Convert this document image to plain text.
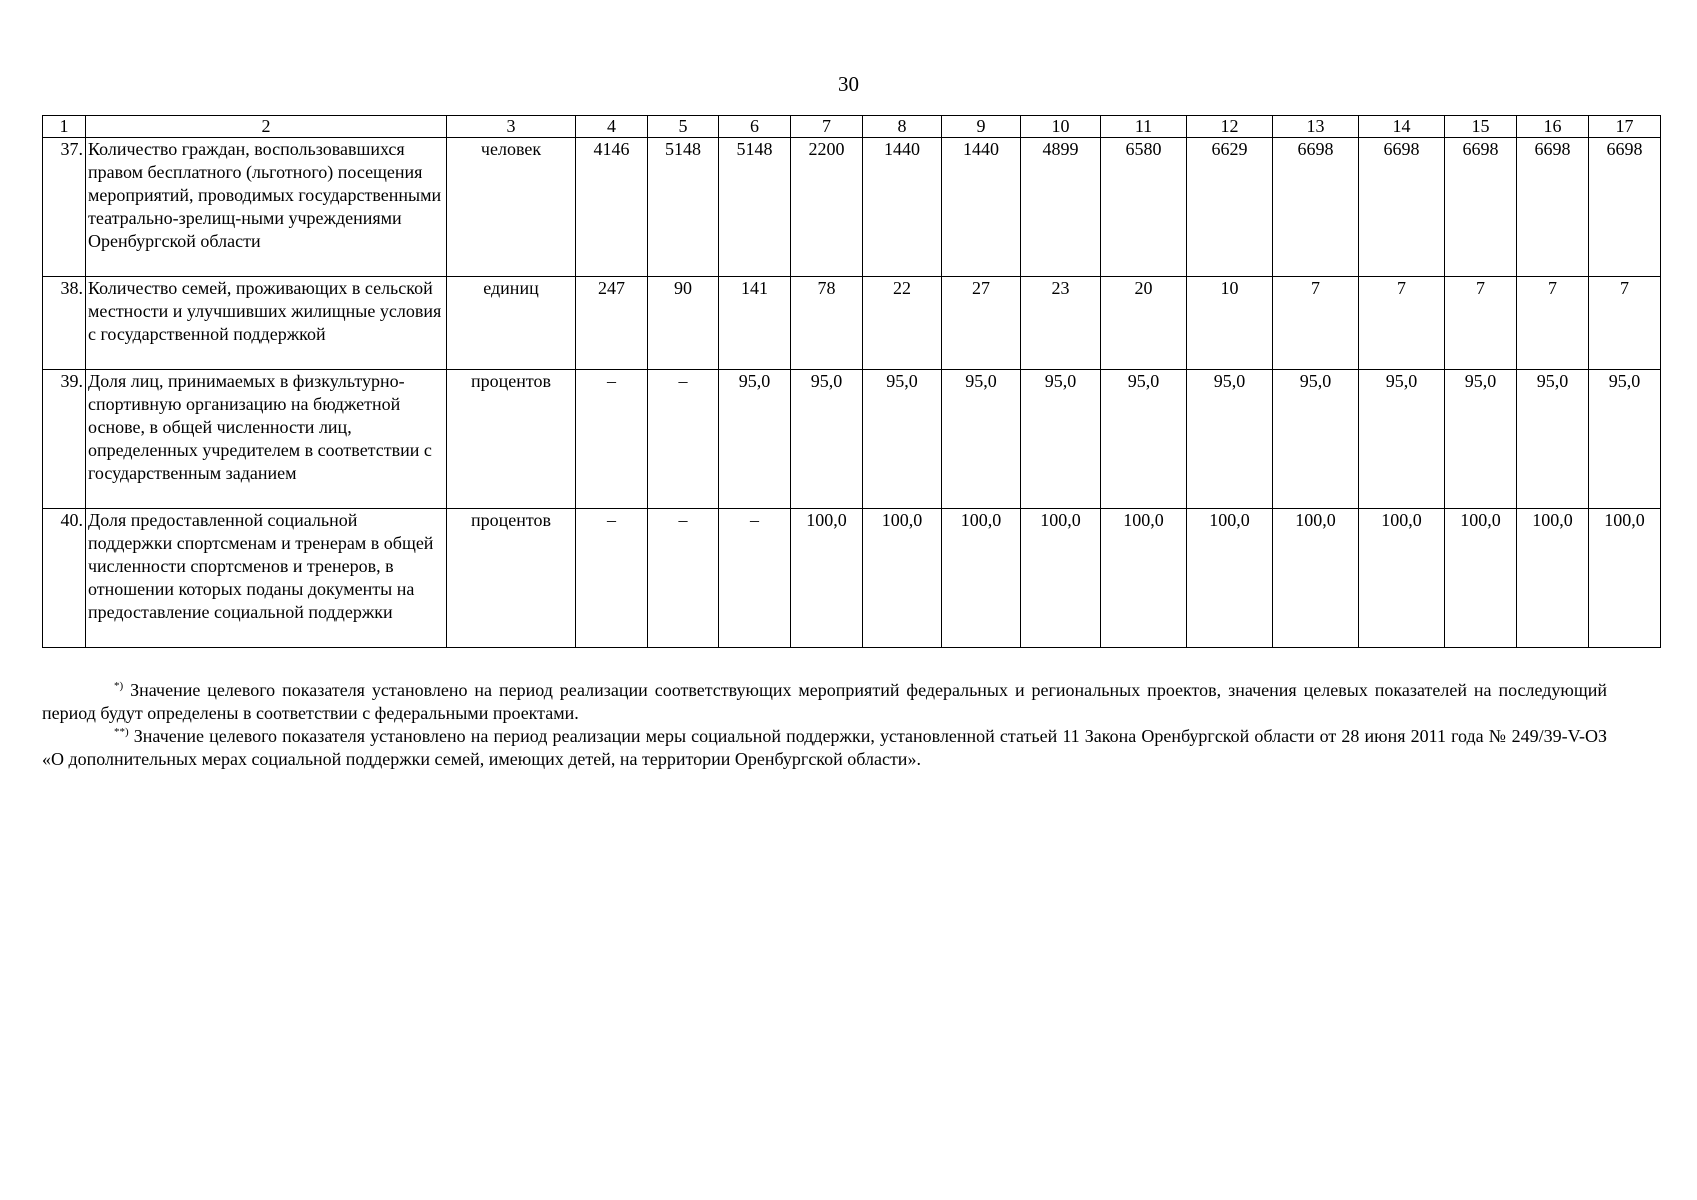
30
1	2	3	4	5	6	7	8	9	10	11	12	13	14	15	16	17
37.	Количество граждан, воспользовавшихся правом бесплатного (льготного) посещения мероприятий, проводимых государственными театрально-зрелищ-ными учреждениями Оренбургской области	человек	4146	5148	5148	2200	1440	1440	4899	6580	6629	6698	6698	6698	6698	6698
38.	Количество семей, проживающих в сельской местности и улучшивших жилищные условия с государственной поддержкой	единиц	247	90	141	78	22	27	23	20	10	7	7	7	7	7
39.	Доля лиц, принимаемых в физкультурно-спортивную организацию на бюджетной основе, в общей численности лиц, определенных учредителем в соответствии с государственным заданием	процентов	–	–	95,0	95,0	95,0	95,0	95,0	95,0	95,0	95,0	95,0	95,0	95,0	95,0
40.	Доля предоставленной социальной поддержки спортсменам и тренерам в общей численности спортсменов и тренеров, в отношении которых поданы документы на предоставление социальной поддержки	процентов	–	–	–	100,0	100,0	100,0	100,0	100,0	100,0	100,0	100,0	100,0	100,0	100,0

*) Значение целевого показателя установлено на период реализации соответствующих мероприятий федеральных и региональных проектов, значения целевых показателей на последующий период будут определены в соответствии с федеральными проектами.

**) Значение целевого показателя установлено на период реализации меры социальной поддержки, установленной статьей 11 Закона Оренбургской области от 28 июня 2011 года № 249/39-V-ОЗ «О дополнительных мерах социальной поддержки семей, имеющих детей, на территории Оренбургской области».
